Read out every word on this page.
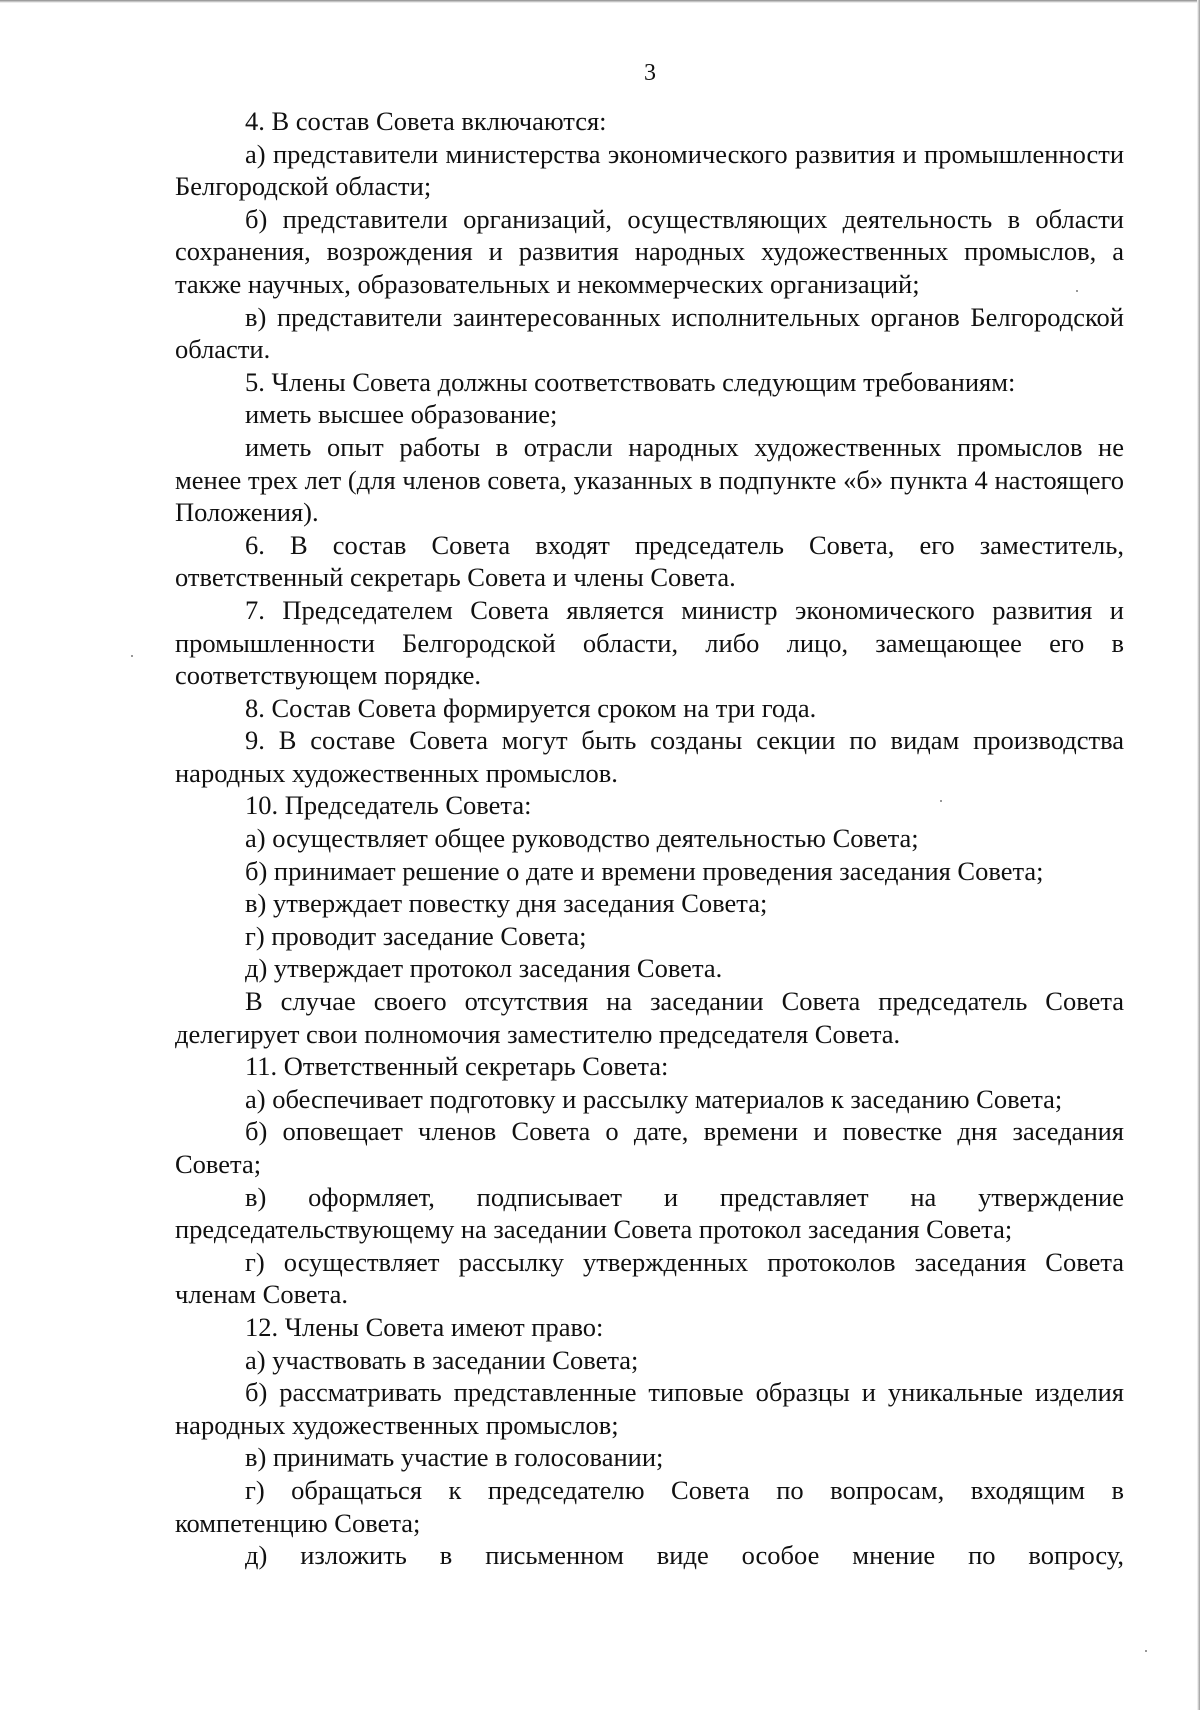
3

4. В состав Совета включаются:

а) представители министерства экономического развития и промышленности Белгородской области;

б) представители организаций, осуществляющих деятельность в области сохранения, возрождения и развития народных художественных промыслов, а также научных, образовательных и некоммерческих организаций;

в) представители заинтересованных исполнительных органов Белгородской области.

5. Члены Совета должны соответствовать следующим требованиям:

иметь высшее образование;

иметь опыт работы в отрасли народных художественных промыслов не менее трех лет (для членов совета, указанных в подпункте «б» пункта 4 настоящего Положения).

6. В состав Совета входят председатель Совета, его заместитель, ответственный секретарь Совета и члены Совета.

7. Председателем Совета является министр экономического развития и промышленности Белгородской области, либо лицо, замещающее его в соответствующем порядке.

8. Состав Совета формируется сроком на три года.

9. В составе Совета могут быть созданы секции по видам производства народных художественных промыслов.

10. Председатель Совета:

а) осуществляет общее руководство деятельностью Совета;

б) принимает решение о дате и времени проведения заседания Совета;

в) утверждает повестку дня заседания Совета;

г) проводит заседание Совета;

д) утверждает протокол заседания Совета.

В случае своего отсутствия на заседании Совета председатель Совета делегирует свои полномочия заместителю председателя Совета.

11. Ответственный секретарь Совета:

а) обеспечивает подготовку и рассылку материалов к заседанию Совета;

б) оповещает членов Совета о дате, времени и повестке дня заседания Совета;

в) оформляет, подписывает и представляет на утверждение председательствующему на заседании Совета протокол заседания Совета;

г) осуществляет рассылку утвержденных протоколов заседания Совета членам Совета.

12. Члены Совета имеют право:

а) участвовать в заседании Совета;

б) рассматривать представленные типовые образцы и уникальные изделия народных художественных промыслов;

в) принимать участие в голосовании;

г) обращаться к председателю Совета по вопросам, входящим в компетенцию Совета;

д) изложить в письменном виде особое мнение по вопросу,
